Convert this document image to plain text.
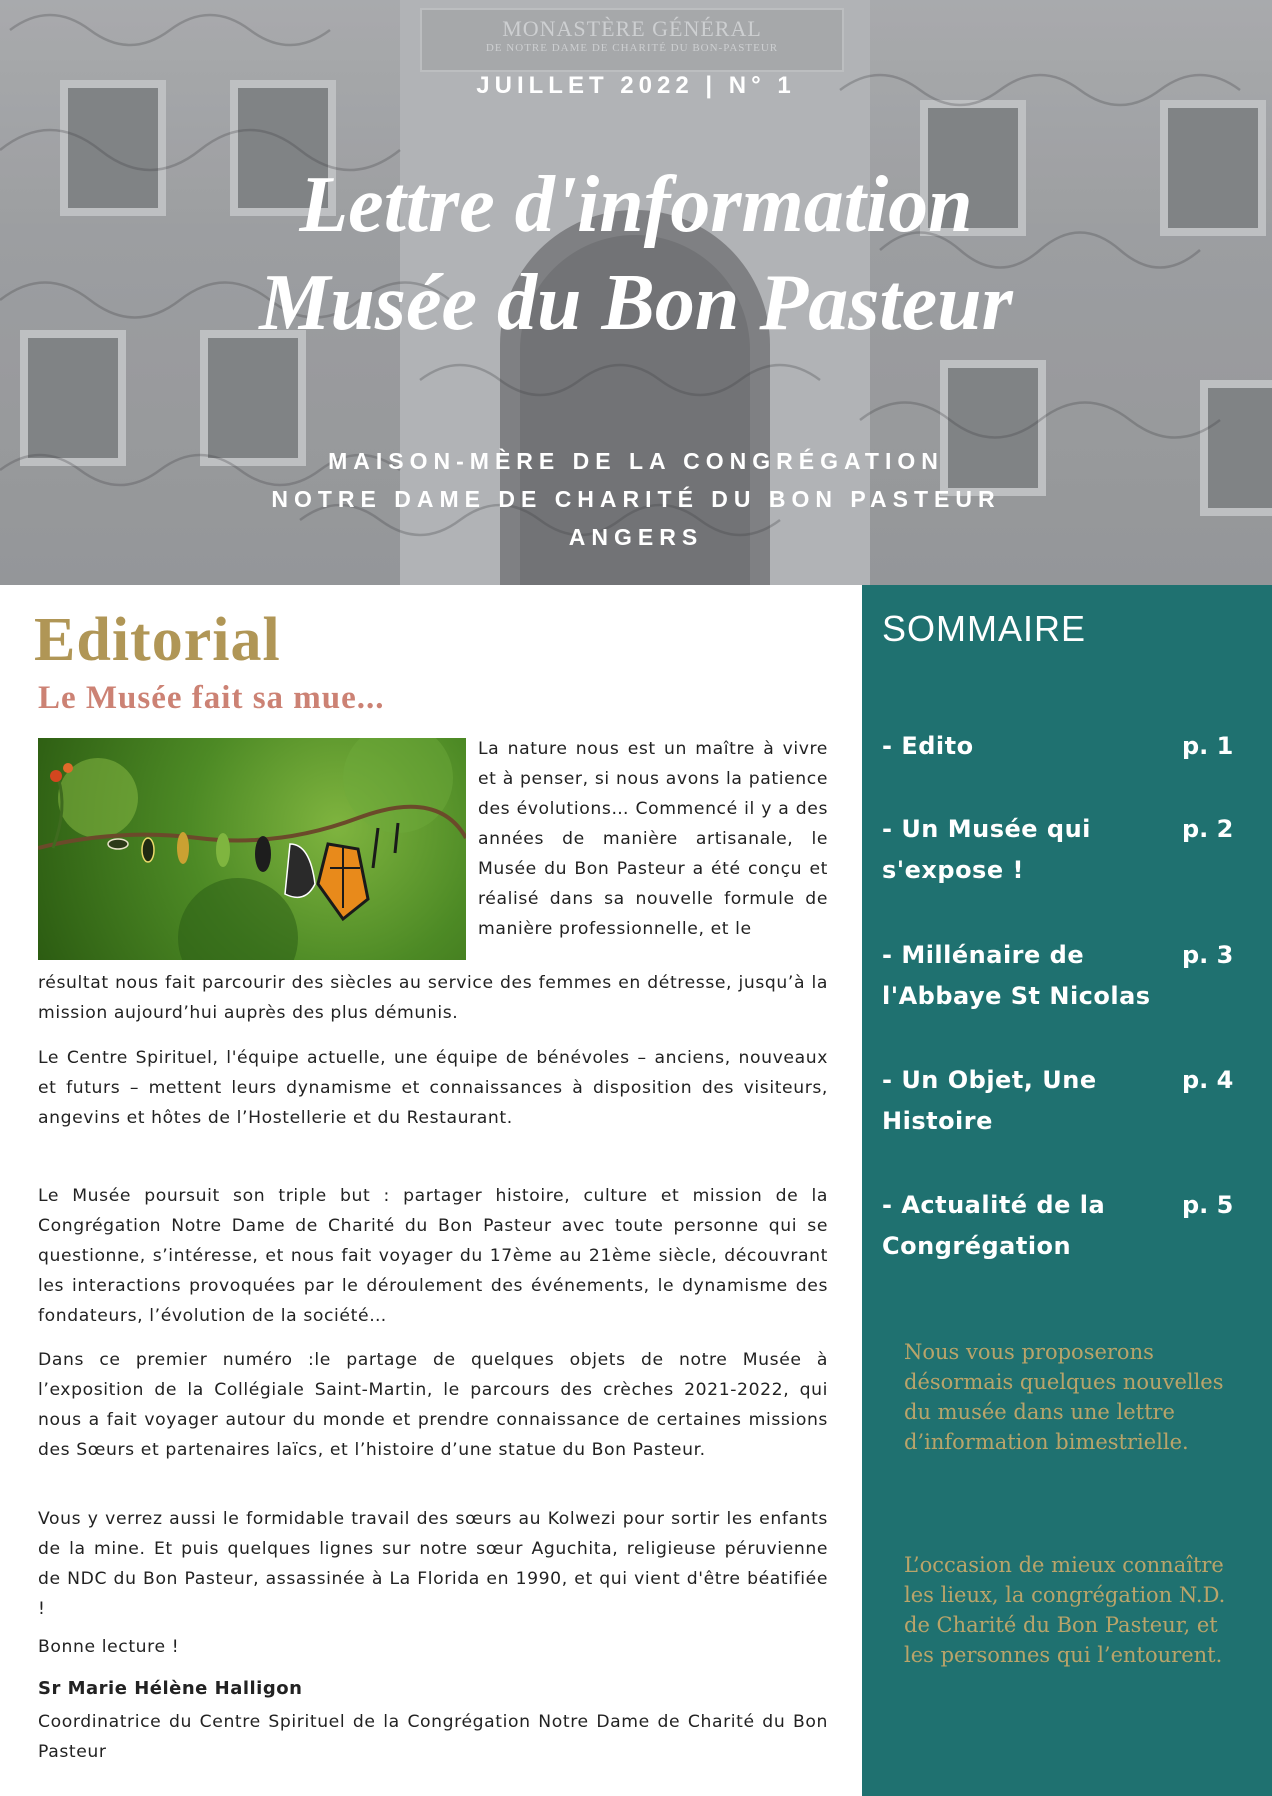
MONASTÈRE GÉNÉRAL
DE NOTRE DAME DE CHARITÉ DU BON-PASTEUR
JUILLET 2022 | N° 1
Lettre d'information
Musée du Bon Pasteur
MAISON-MÈRE DE LA CONGRÉGATION
NOTRE DAME DE CHARITÉ DU BON PASTEUR
ANGERS
SOMMAIRE
- Edito	p. 1
- Un Musée qui s'expose !
p. 2
- Millénaire de l'Abbaye St Nicolas
p. 3
- Un Objet, Une Histoire
p. 4
- Actualité de la Congrégation
p. 5
Nous vous proposerons désormais quelques nouvelles du musée dans une lettre d’information bimestrielle.
L’occasion de mieux connaître les lieux, la congrégation N.D. de Charité du Bon Pasteur, et les personnes qui l’entourent.
Editorial
Le Musée fait sa mue...
La nature nous est un maître à vivre et à penser, si nous avons la patience des évolutions… Commencé il y a des années de manière artisanale, le Musée du Bon Pasteur a été conçu et réalisé dans sa nouvelle formule de manière professionnelle, et le
résultat nous fait parcourir des siècles au service des femmes en détresse, jusqu’à la mission aujourd’hui auprès des plus démunis.
Le Centre Spirituel, l'équipe actuelle, une équipe de bénévoles – anciens, nouveaux et futurs – mettent leurs dynamisme et connaissances à disposition des visiteurs, angevins et hôtes de l’Hostellerie et du Restaurant.
Le Musée poursuit son triple but : partager histoire, culture et mission de la Congrégation Notre Dame de Charité du Bon Pasteur avec toute personne qui se questionne, s’intéresse, et nous fait voyager du 17ème au 21ème siècle, découvrant les interactions provoquées par le déroulement des événements, le dynamisme des fondateurs, l’évolution de la société…
Dans ce premier numéro :le partage de quelques objets de notre Musée à l’exposition de la Collégiale Saint-Martin, le parcours des crèches 2021-2022, qui nous a fait voyager autour du monde et prendre connaissance de certaines missions des Sœurs et partenaires laïcs, et l’histoire d’une statue du Bon Pasteur.
Vous y verrez aussi le formidable travail des sœurs au Kolwezi pour sortir les enfants de la mine. Et puis quelques lignes sur notre sœur Aguchita, religieuse péruvienne de NDC du Bon Pasteur, assassinée à La Florida en 1990, et qui vient d'être béatifiée !
Bonne lecture !
Sr Marie Hélène Halligon
Coordinatrice du Centre Spirituel de la Congrégation Notre Dame de Charité du Bon Pasteur
